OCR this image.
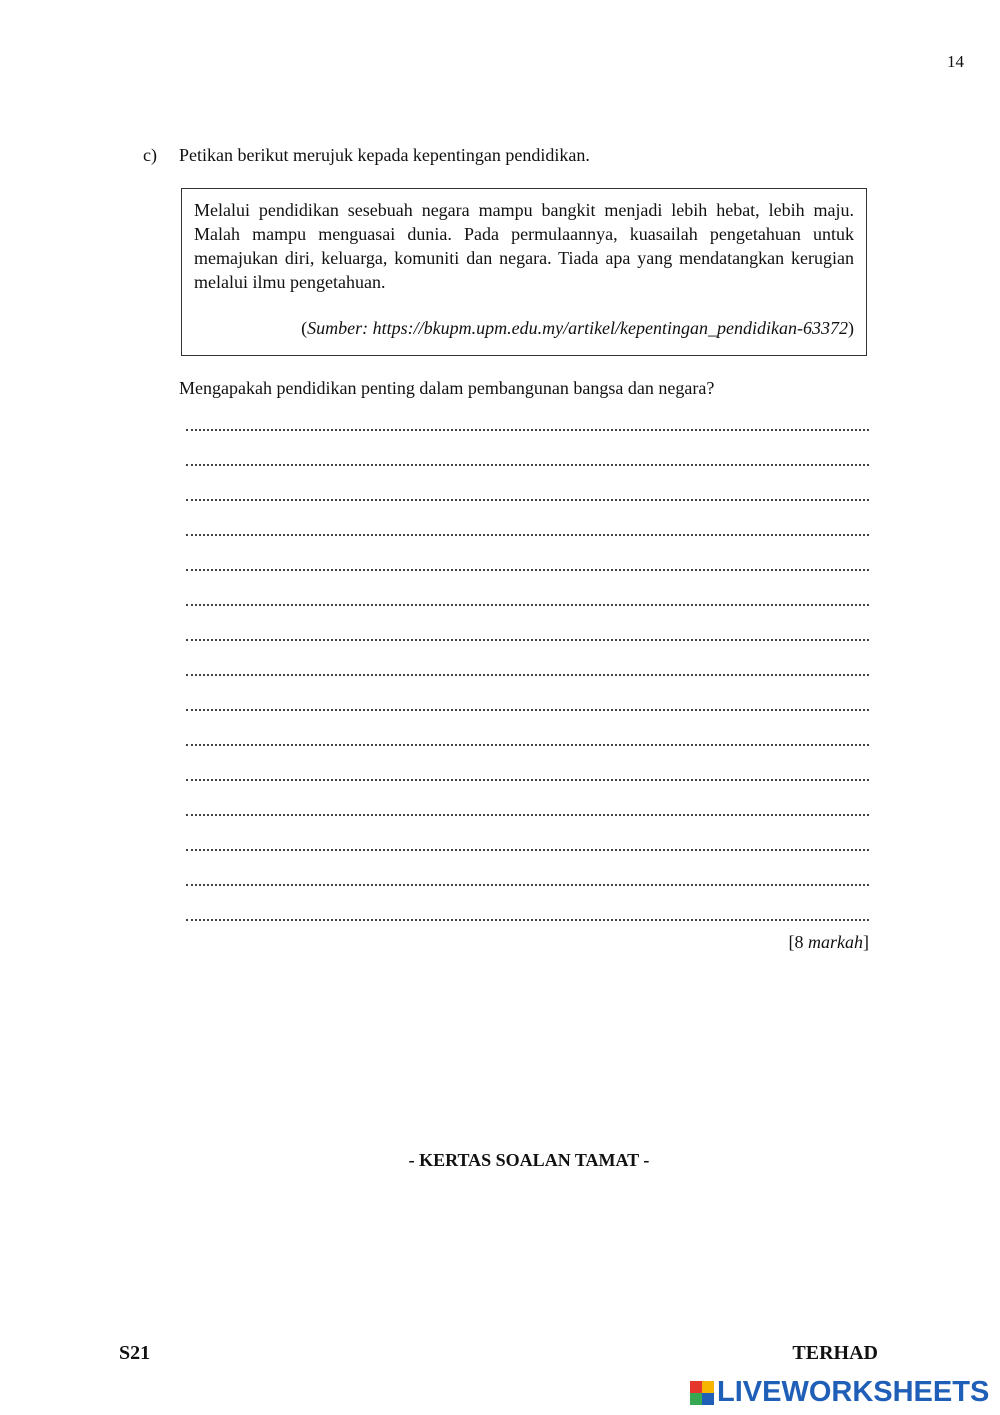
14
c)	Petikan berikut merujuk kepada kepentingan pendidikan.

Melalui pendidikan sesebuah negara mampu bangkit menjadi lebih hebat, lebih maju. Malah mampu menguasai dunia. Pada permulaannya, kuasailah pengetahuan untuk memajukan diri, keluarga, komuniti dan negara. Tiada apa yang mendatangkan kerugian melalui ilmu pengetahuan.

(Sumber: https://bkupm.upm.edu.my/artikel/kepentingan_pendidikan-63372)

Mengapakah pendidikan penting dalam pembangunan bangsa dan negara?
[8 markah]
- KERTAS SOALAN TAMAT -
S21	TERHAD
LIVEWORKSHEETS
